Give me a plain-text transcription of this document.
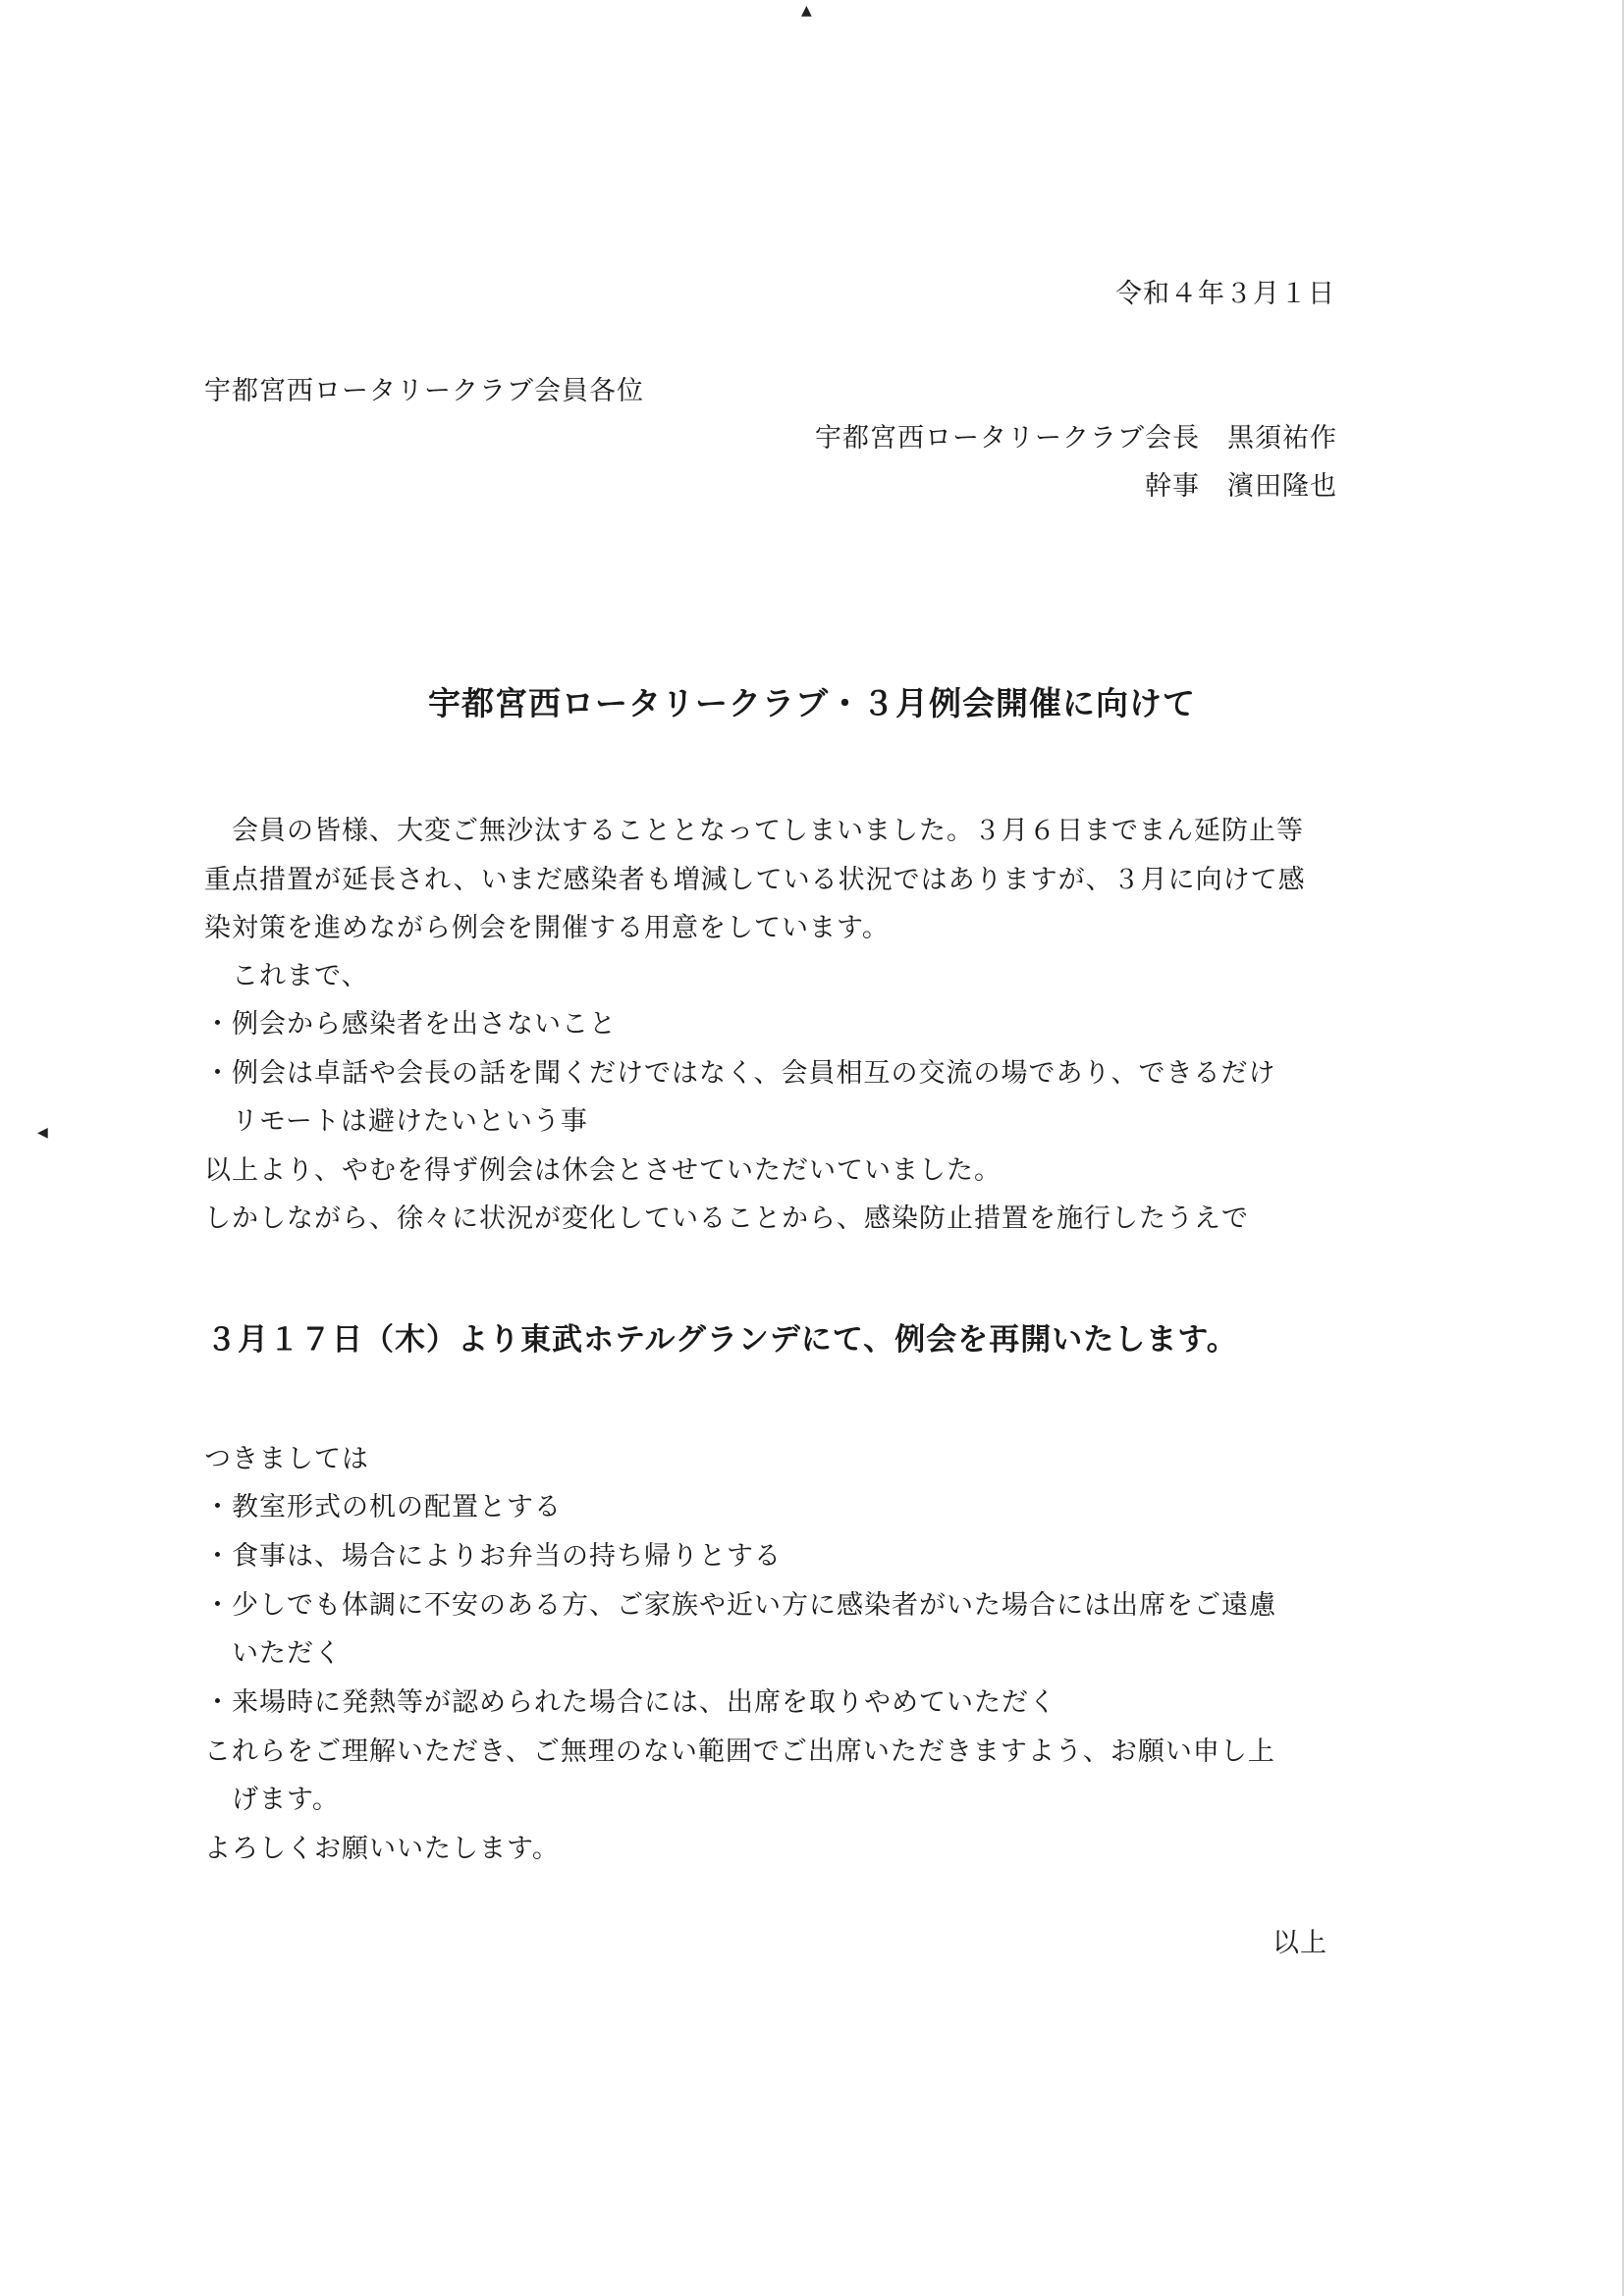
▲
◀
令和４年３月１日
宇都宮西ロータリークラブ会員各位
宇都宮西ロータリークラブ会長　黒須祐作
幹事　濱田隆也
宇都宮西ロータリークラブ・３月例会開催に向けて
　会員の皆様、大変ご無沙汰することとなってしまいました。３月６日までまん延防止等
重点措置が延長され、いまだ感染者も増減している状況ではありますが、３月に向けて感
染対策を進めながら例会を開催する用意をしています。
　これまで、
・例会から感染者を出さないこと
・例会は卓話や会長の話を聞くだけではなく、会員相互の交流の場であり、できるだけ
　リモートは避けたいという事
以上より、やむを得ず例会は休会とさせていただいていました。
しかしながら、徐々に状況が変化していることから、感染防止措置を施行したうえで
３月１７日（木）より東武ホテルグランデにて、例会を再開いたします。
つきましては
・教室形式の机の配置とする
・食事は、場合によりお弁当の持ち帰りとする
・少しでも体調に不安のある方、ご家族や近い方に感染者がいた場合には出席をご遠慮
　いただく
・来場時に発熱等が認められた場合には、出席を取りやめていただく
これらをご理解いただき、ご無理のない範囲でご出席いただきますよう、お願い申し上
　げます。
よろしくお願いいたします。
以上
